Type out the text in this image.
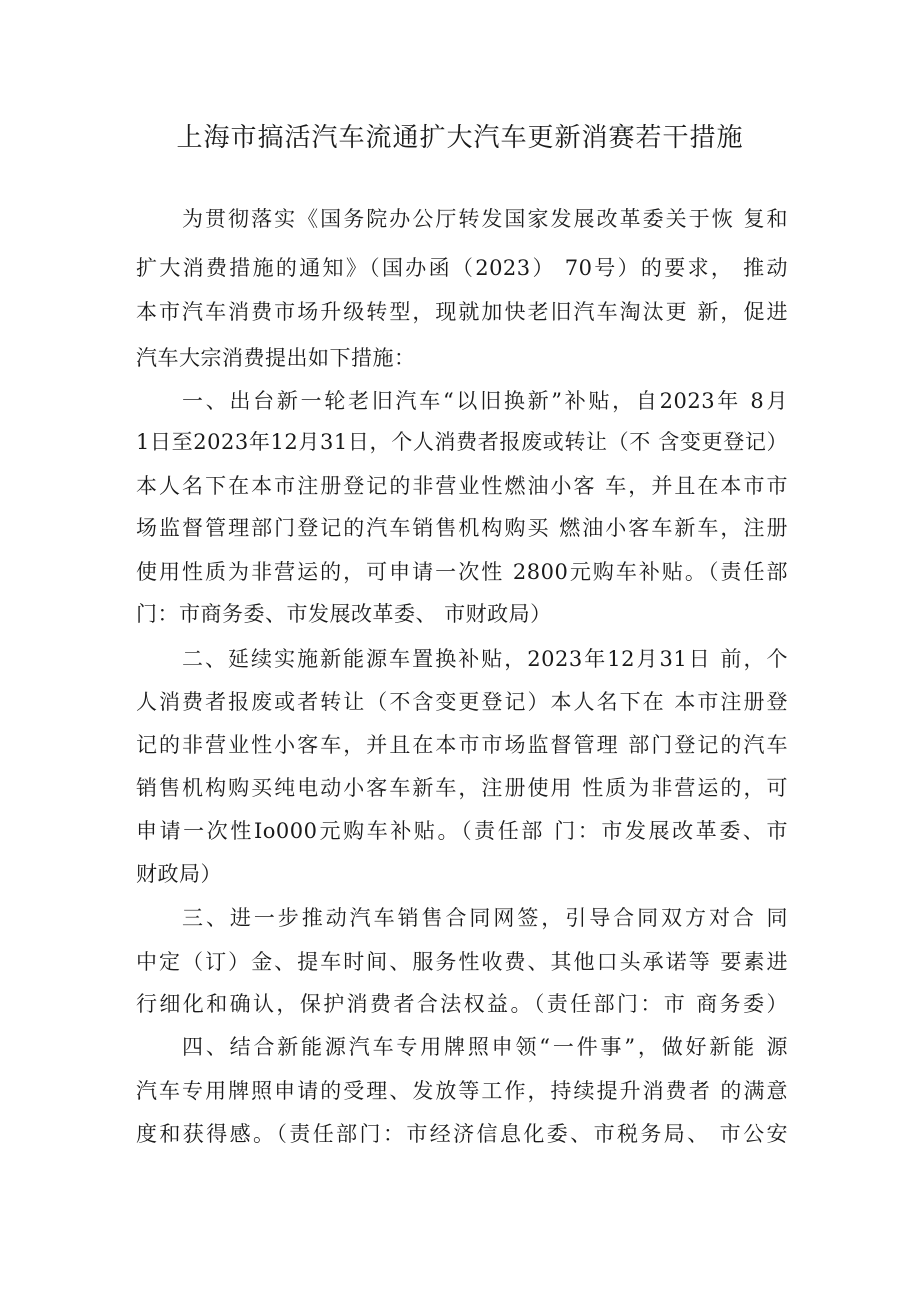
上海市搞活汽车流通扩大汽车更新消赛若干措施
为贯彻落实《国务院办公厅转发国家发展改革委关于恢 复和
扩大消费措施的通知》（国办函（2023） 70号）的要求， 推动
本市汽车消费市场升级转型，现就加快老旧汽车淘汰更 新，促进
汽车大宗消费提出如下措施：
一、出台新一轮老旧汽车“以旧换新”补贴，自2023年 8月
1日至2023年12月31日，个人消费者报废或转让（不 含变更登记）
本人名下在本市注册登记的非营业性燃油小客 车，并且在本市市
场监督管理部门登记的汽车销售机构购买 燃油小客车新车，注册
使用性质为非营运的，可申请一次性 2800元购车补贴。（责任部
门：市商务委、市发展改革委、 市财政局）
二、延续实施新能源车置换补贴，2023年12月31日 前，个
人消费者报废或者转让（不含变更登记）本人名下在 本市注册登
记的非营业性小客车，并且在本市市场监督管理 部门登记的汽车
销售机构购买纯电动小客车新车，注册使用 性质为非营运的，可
申请一次性Io000元购车补贴。（责任部 门：市发展改革委、市
财政局）
三、进一步推动汽车销售合同网签，引导合同双方对合 同
中定（订）金、提车时间、服务性收费、其他口头承诺等 要素进
行细化和确认，保护消费者合法权益。（责任部门：市 商务委）
四、结合新能源汽车专用牌照申领“一件事”，做好新能 源
汽车专用牌照申请的受理、发放等工作，持续提升消费者 的满意
度和获得感。（责任部门：市经济信息化委、市税务局、 市公安
